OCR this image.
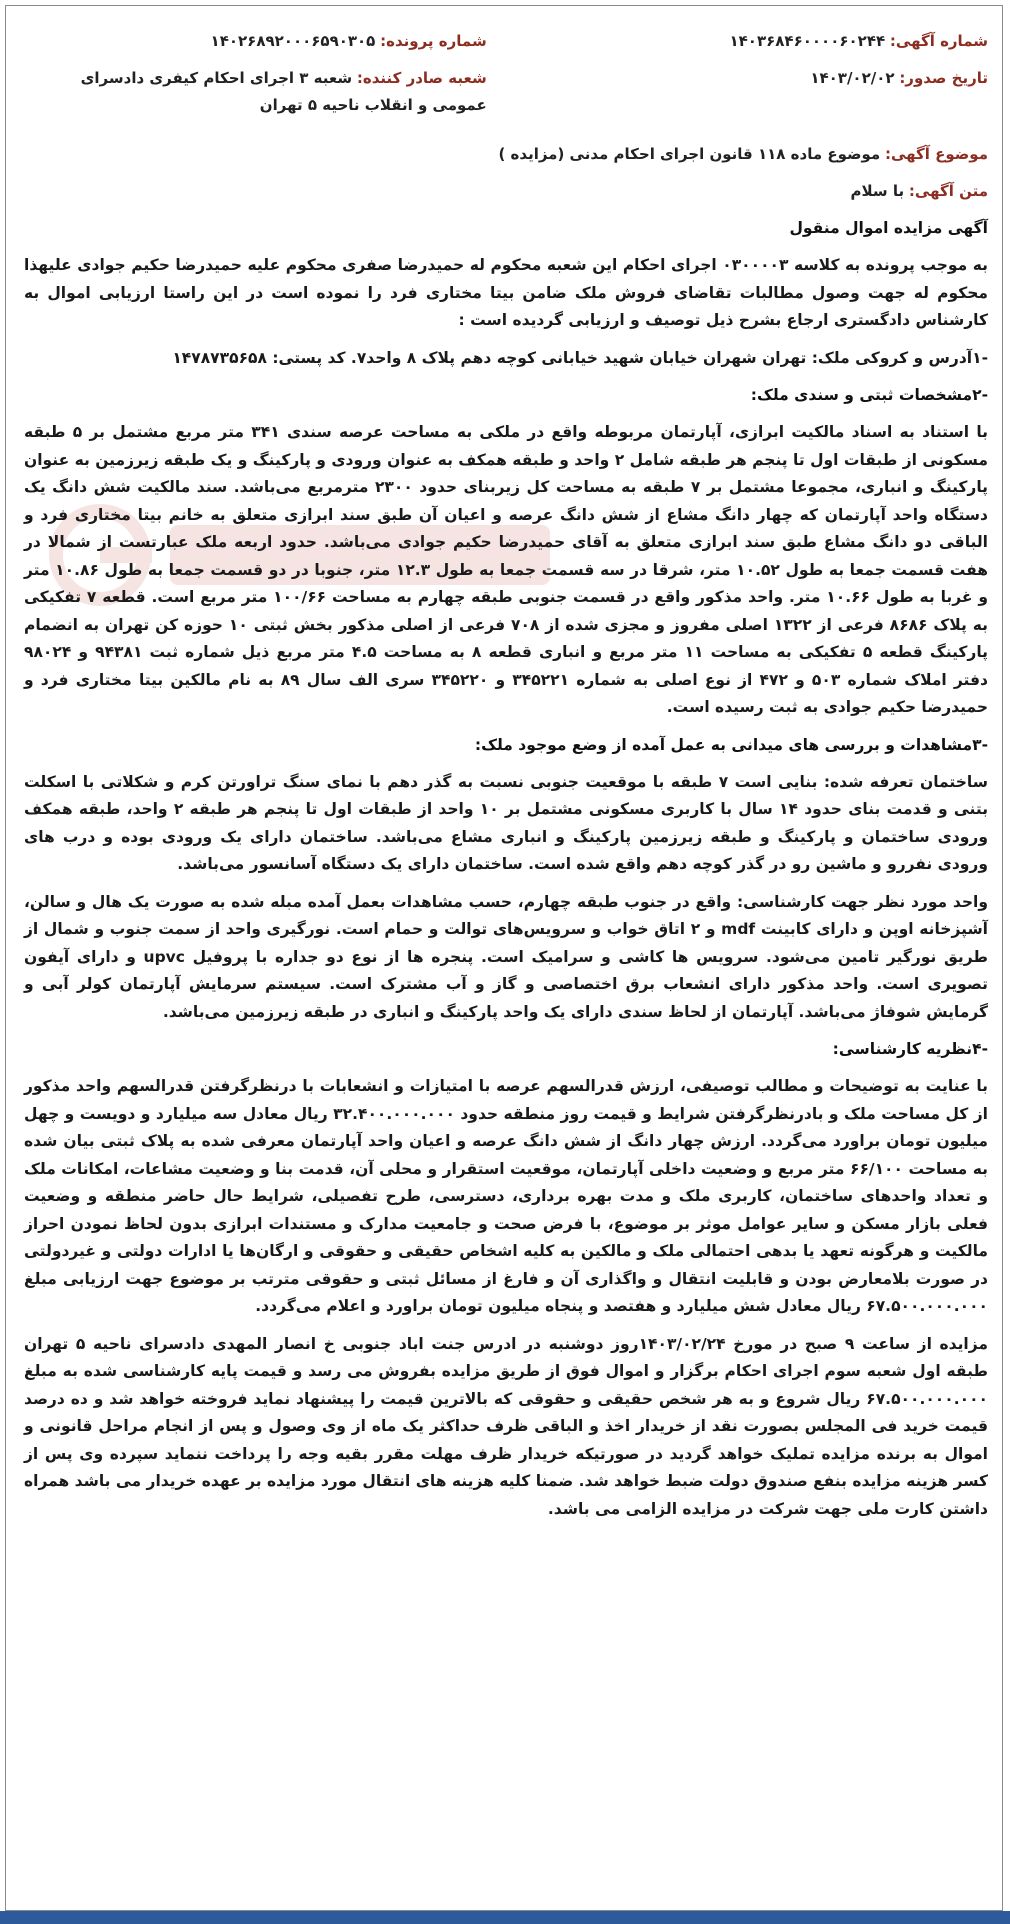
شماره آگهی: ۱۴۰۳۶۸۴۶۰۰۰۰۶۰۲۴۴
شماره پرونده: ۱۴۰۲۶۸۹۲۰۰۰۶۵۹۰۳۰۵
تاریخ صدور: ۱۴۰۳/۰۲/۰۲
شعبه صادر کننده: شعبه ۳ اجرای احکام کیفری دادسرای عمومی و انقلاب ناحیه ۵ تهران
موضوع آگهی: موضوع ماده ۱۱۸ قانون اجرای احکام مدنی (مزایده )
متن آگهی: با سلام
آگهی مزایده اموال منقول

به موجب پرونده به کلاسه ۰۳۰۰۰۰۳ اجرای احکام این شعبه محکوم له حمیدرضا صفری محکوم علیه حمیدرضا حکیم جوادی علیهذا محکوم له جهت وصول مطالبات تقاضای فروش ملک ضامن بیتا مختاری فرد را نموده است در این راستا ارزیابی اموال به کارشناس دادگستری ارجاع بشرح ذیل توصیف و ارزیابی گردیده است :

-۱آدرس و کروکی ملک: تهران شهران خیابان شهید خیابانی کوچه دهم پلاک ۸ واحد۷. کد پستی: ۱۴۷۸۷۳۵۶۵۸

-۲مشخصات ثبتی و سندی ملک:

با استناد به اسناد مالکیت ابرازی، آپارتمان مربوطه واقع در ملکی به مساحت عرصه سندی ۳۴۱ متر مربع مشتمل بر ۵ طبقه مسکونی از طبقات اول تا پنجم هر طبقه شامل ۲ واحد و طبقه همکف به عنوان ورودی و پارکینگ و یک طبقه زیرزمین به عنوان پارکینگ و انباری، مجموعا مشتمل بر ۷ طبقه به مساحت کل زیربنای حدود ۲۳۰۰ مترمربع می‌باشد. سند مالکیت شش دانگ یک دستگاه واحد آپارتمان که چهار دانگ مشاع از شش دانگ عرصه و اعیان آن طبق سند ابرازی متعلق به خانم بیتا مختاری فرد و الباقی دو دانگ مشاع طبق سند ابرازی متعلق به آقای حمیدرضا حکیم جوادی می‌باشد. حدود اربعه ملک عبارتست از شمالا در هفت قسمت جمعا به طول ۱۰.۵۲ متر، شرقا در سه قسمت جمعا به طول ۱۲.۳ متر، جنوبا در دو قسمت جمعا به طول ۱۰.۸۶ متر و غربا به طول ۱۰.۶۶ متر. واحد مذکور واقع در قسمت جنوبی طبقه چهارم به مساحت ۱۰۰/۶۶ متر مربع است. قطعه ۷ تفکیکی به پلاک ۸۶۸۶ فرعی از ۱۳۲۲ اصلی مفروز و مجزی شده از ۷۰۸ فرعی از اصلی مذکور بخش ثبتی ۱۰ حوزه کن تهران به انضمام پارکینگ قطعه ۵ تفکیکی به مساحت ۱۱ متر مربع و انباری قطعه ۸ به مساحت ۴.۵ متر مربع ذیل شماره ثبت ۹۴۳۸۱ و ۹۸۰۲۴ دفتر املاک شماره ۵۰۳ و ۴۷۲ از نوع اصلی به شماره ۳۴۵۲۲۱ و ۳۴۵۲۲۰ سری الف سال ۸۹ به نام مالکین بیتا مختاری فرد و حمیدرضا حکیم جوادی به ثبت رسیده است.

-۳مشاهدات و بررسی های میدانی به عمل آمده از وضع موجود ملک:

ساختمان تعرفه شده: بنایی است ۷ طبقه با موقعیت جنوبی نسبت به گذر دهم با نمای سنگ تراورتن کرم و شکلاتی با اسکلت بتنی و قدمت بنای حدود ۱۴ سال با کاربری مسکونی مشتمل بر ۱۰ واحد از طبقات اول تا پنجم هر طبقه ۲ واحد، طبقه همکف ورودی ساختمان و پارکینگ و طبقه زیرزمین پارکینگ و انباری مشاع می‌باشد. ساختمان دارای یک ورودی بوده و درب های ورودی نفررو و ماشین رو در گذر کوچه دهم واقع شده است. ساختمان دارای یک دستگاه آسانسور می‌باشد.

واحد مورد نظر جهت کارشناسی: واقع در جنوب طبقه چهارم، حسب مشاهدات بعمل آمده مبله شده به صورت یک هال و سالن، آشپزخانه اوپن و دارای کابینت mdf و ۲ اتاق خواب و سرویس‌های توالت و حمام است. نورگیری واحد از سمت جنوب و شمال از طریق نورگیر تامین می‌شود. سرویس ها کاشی و سرامیک است. پنجره ها از نوع دو جداره با پروفیل upvc و دارای آیفون تصویری است. واحد مذکور دارای انشعاب برق اختصاصی و گاز و آب مشترک است. سیستم سرمایش آپارتمان کولر آبی و گرمایش شوفاژ می‌باشد. آپارتمان از لحاظ سندی دارای یک واحد پارکینگ و انباری در طبقه زیرزمین می‌باشد.

-۴نظریه کارشناسی:

با عنایت به توضیحات و مطالب توصیفی، ارزش قدرالسهم عرصه با امتیازات و انشعابات با درنظرگرفتن قدرالسهم واحد مذکور از کل مساحت ملک و بادرنظرگرفتن شرایط و قیمت روز منطقه حدود ۳۲.۴۰۰.۰۰۰.۰۰۰ ریال معادل سه میلیارد و دویست و چهل میلیون تومان براورد می‌گردد. ارزش چهار دانگ از شش دانگ عرصه و اعیان واحد آپارتمان معرفی شده به پلاک ثبتی بیان شده به مساحت ۶۶/۱۰۰ متر مربع و وضعیت داخلی آپارتمان، موقعیت استقرار و محلی آن، قدمت بنا و وضعیت مشاعات، امکانات ملک و تعداد واحدهای ساختمان، کاربری ملک و مدت بهره برداری، دسترسی، طرح تفصیلی، شرایط حال حاضر منطقه و وضعیت فعلی بازار مسکن و سایر عوامل موثر بر موضوع، با فرض صحت و جامعیت مدارک و مستندات ابرازی بدون لحاظ نمودن احراز مالکیت و هرگونه تعهد یا بدهی احتمالی ملک و مالکین به کلیه اشخاص حقیقی و حقوقی و ارگان‌ها یا ادارات دولتی و غیردولتی در صورت بلامعارض بودن و قابلیت انتقال و واگذاری آن و فارغ از مسائل ثبتی و حقوقی مترتب بر موضوع جهت ارزیابی مبلغ ۶۷.۵۰۰.۰۰۰.۰۰۰ ریال معادل شش میلیارد و هفتصد و پنجاه میلیون تومان براورد و اعلام می‌گردد.

مزایده از ساعت ۹ صبح در مورخ ۱۴۰۳/۰۲/۲۴روز دوشنبه در ادرس جنت اباد جنوبی خ انصار المهدی دادسرای ناحیه ۵ تهران طبقه اول شعبه سوم اجرای احکام برگزار و اموال فوق از طریق مزایده بفروش می رسد و قیمت پایه کارشناسی شده به مبلغ ۶۷.۵۰۰.۰۰۰.۰۰۰ ریال شروع و به هر شخص حقیقی و حقوقی که بالاترین قیمت را پیشنهاد نماید فروخته خواهد شد و ده درصد قیمت خرید فی المجلس بصورت نقد از خریدار اخذ و الباقی ظرف حداکثر یک ماه از وی وصول و پس از انجام مراحل قانونی و اموال به برنده مزایده تملیک خواهد گردید در صورتیکه خریدار ظرف مهلت مقرر بقیه وجه را پرداخت ننماید سپرده وی پس از کسر هزینه مزایده بنفع صندوق دولت ضبط خواهد شد. ضمنا کلیه هزینه های انتقال مورد مزایده بر عهده خریدار می باشد همراه داشتن کارت ملی جهت شرکت در مزایده الزامی می باشد.
